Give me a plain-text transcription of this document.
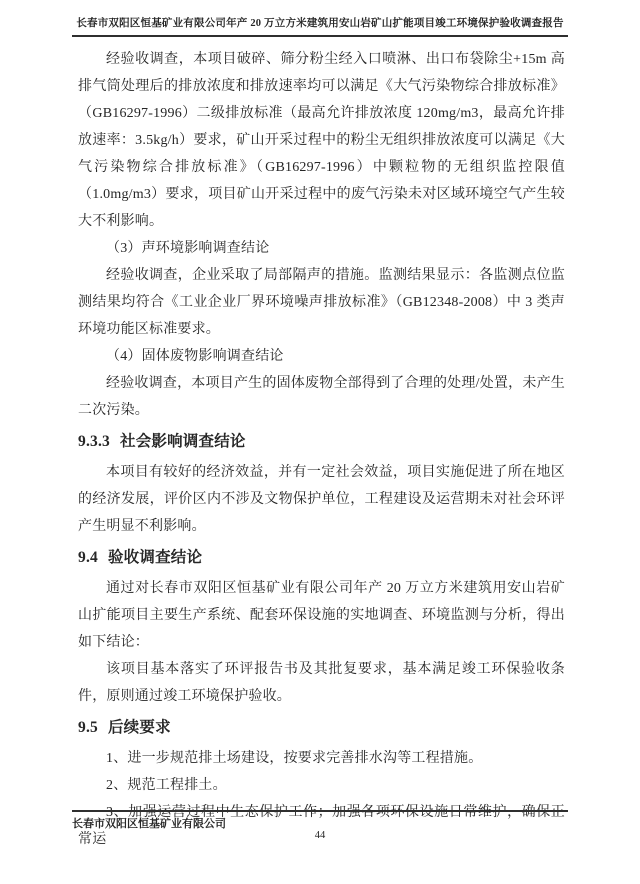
长春市双阳区恒基矿业有限公司年产 20 万立方米建筑用安山岩矿山扩能项目竣工环境保护验收调查报告

经验收调查，本项目破碎、筛分粉尘经入口喷淋、出口布袋除尘+15m 高排气筒处理后的排放浓度和排放速率均可以满足《大气污染物综合排放标准》（GB16297-1996）二级排放标准（最高允许排放浓度 120mg/m3，最高允许排放速率：3.5kg/h）要求，矿山开采过程中的粉尘无组织排放浓度可以满足《大气污染物综合排放标准》（GB16297-1996）中颗粒物的无组织监控限值（1.0mg/m3）要求，项目矿山开采过程中的废气污染未对区域环境空气产生较大不利影响。

（3）声环境影响调查结论

经验收调查，企业采取了局部隔声的措施。监测结果显示：各监测点位监测结果均符合《工业企业厂界环境噪声排放标准》（GB12348-2008）中 3 类声环境功能区标准要求。

（4）固体废物影响调查结论

经验收调查，本项目产生的固体废物全部得到了合理的处理/处置，未产生二次污染。

9.3.3 社会影响调查结论

本项目有较好的经济效益，并有一定社会效益，项目实施促进了所在地区的经济发展，评价区内不涉及文物保护单位，工程建设及运营期未对社会环评产生明显不利影响。

9.4 验收调查结论

通过对长春市双阳区恒基矿业有限公司年产 20 万立方米建筑用安山岩矿山扩能项目主要生产系统、配套环保设施的实地调查、环境监测与分析，得出如下结论：

该项目基本落实了环评报告书及其批复要求，基本满足竣工环保验收条件，原则通过竣工环境保护验收。

9.5 后续要求

1、进一步规范排土场建设，按要求完善排水沟等工程措施。

2、规范工程排土。

3、加强运营过程中生态保护工作；加强各项环保设施日常维护，确保正常运

长春市双阳区恒基矿业有限公司
44
